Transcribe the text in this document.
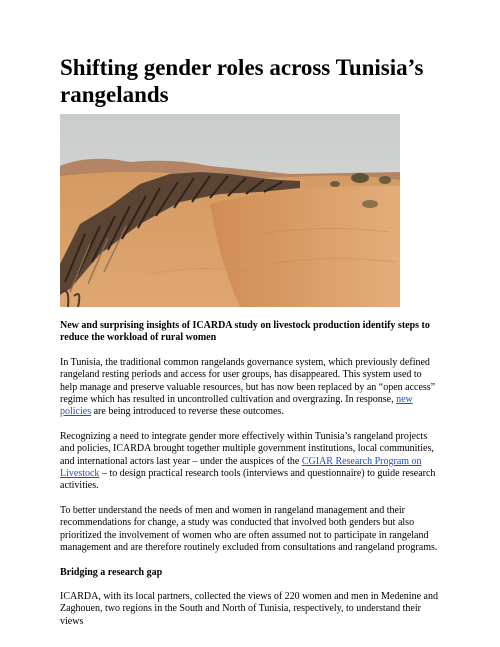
Shifting gender roles across Tunisia’s rangelands

New and surprising insights of ICARDA study on livestock production identify steps to reduce the workload of rural women

In Tunisia, the traditional common rangelands governance system, which previously defined rangeland resting periods and access for user groups, has disappeared. This system used to help manage and preserve valuable resources, but has now been replaced by an “open access” regime which has resulted in uncontrolled cultivation and overgrazing. In response, new policies are being introduced to reverse these outcomes.

Recognizing a need to integrate gender more effectively within Tunisia’s rangeland projects and policies, ICARDA brought together multiple government institutions, local communities, and international actors last year – under the auspices of the CGIAR Research Program on Livestock – to design practical research tools (interviews and questionnaire) to guide research activities.

To better understand the needs of men and women in rangeland management and their recommendations for change, a study was conducted that involved both genders but also prioritized the involvement of women who are often assumed not to participate in rangeland management and are therefore routinely excluded from consultations and rangeland programs.

Bridging a research gap

ICARDA, with its local partners, collected the views of 220 women and men in Medenine and Zaghouen, two regions in the South and North of Tunisia, respectively, to understand their views
